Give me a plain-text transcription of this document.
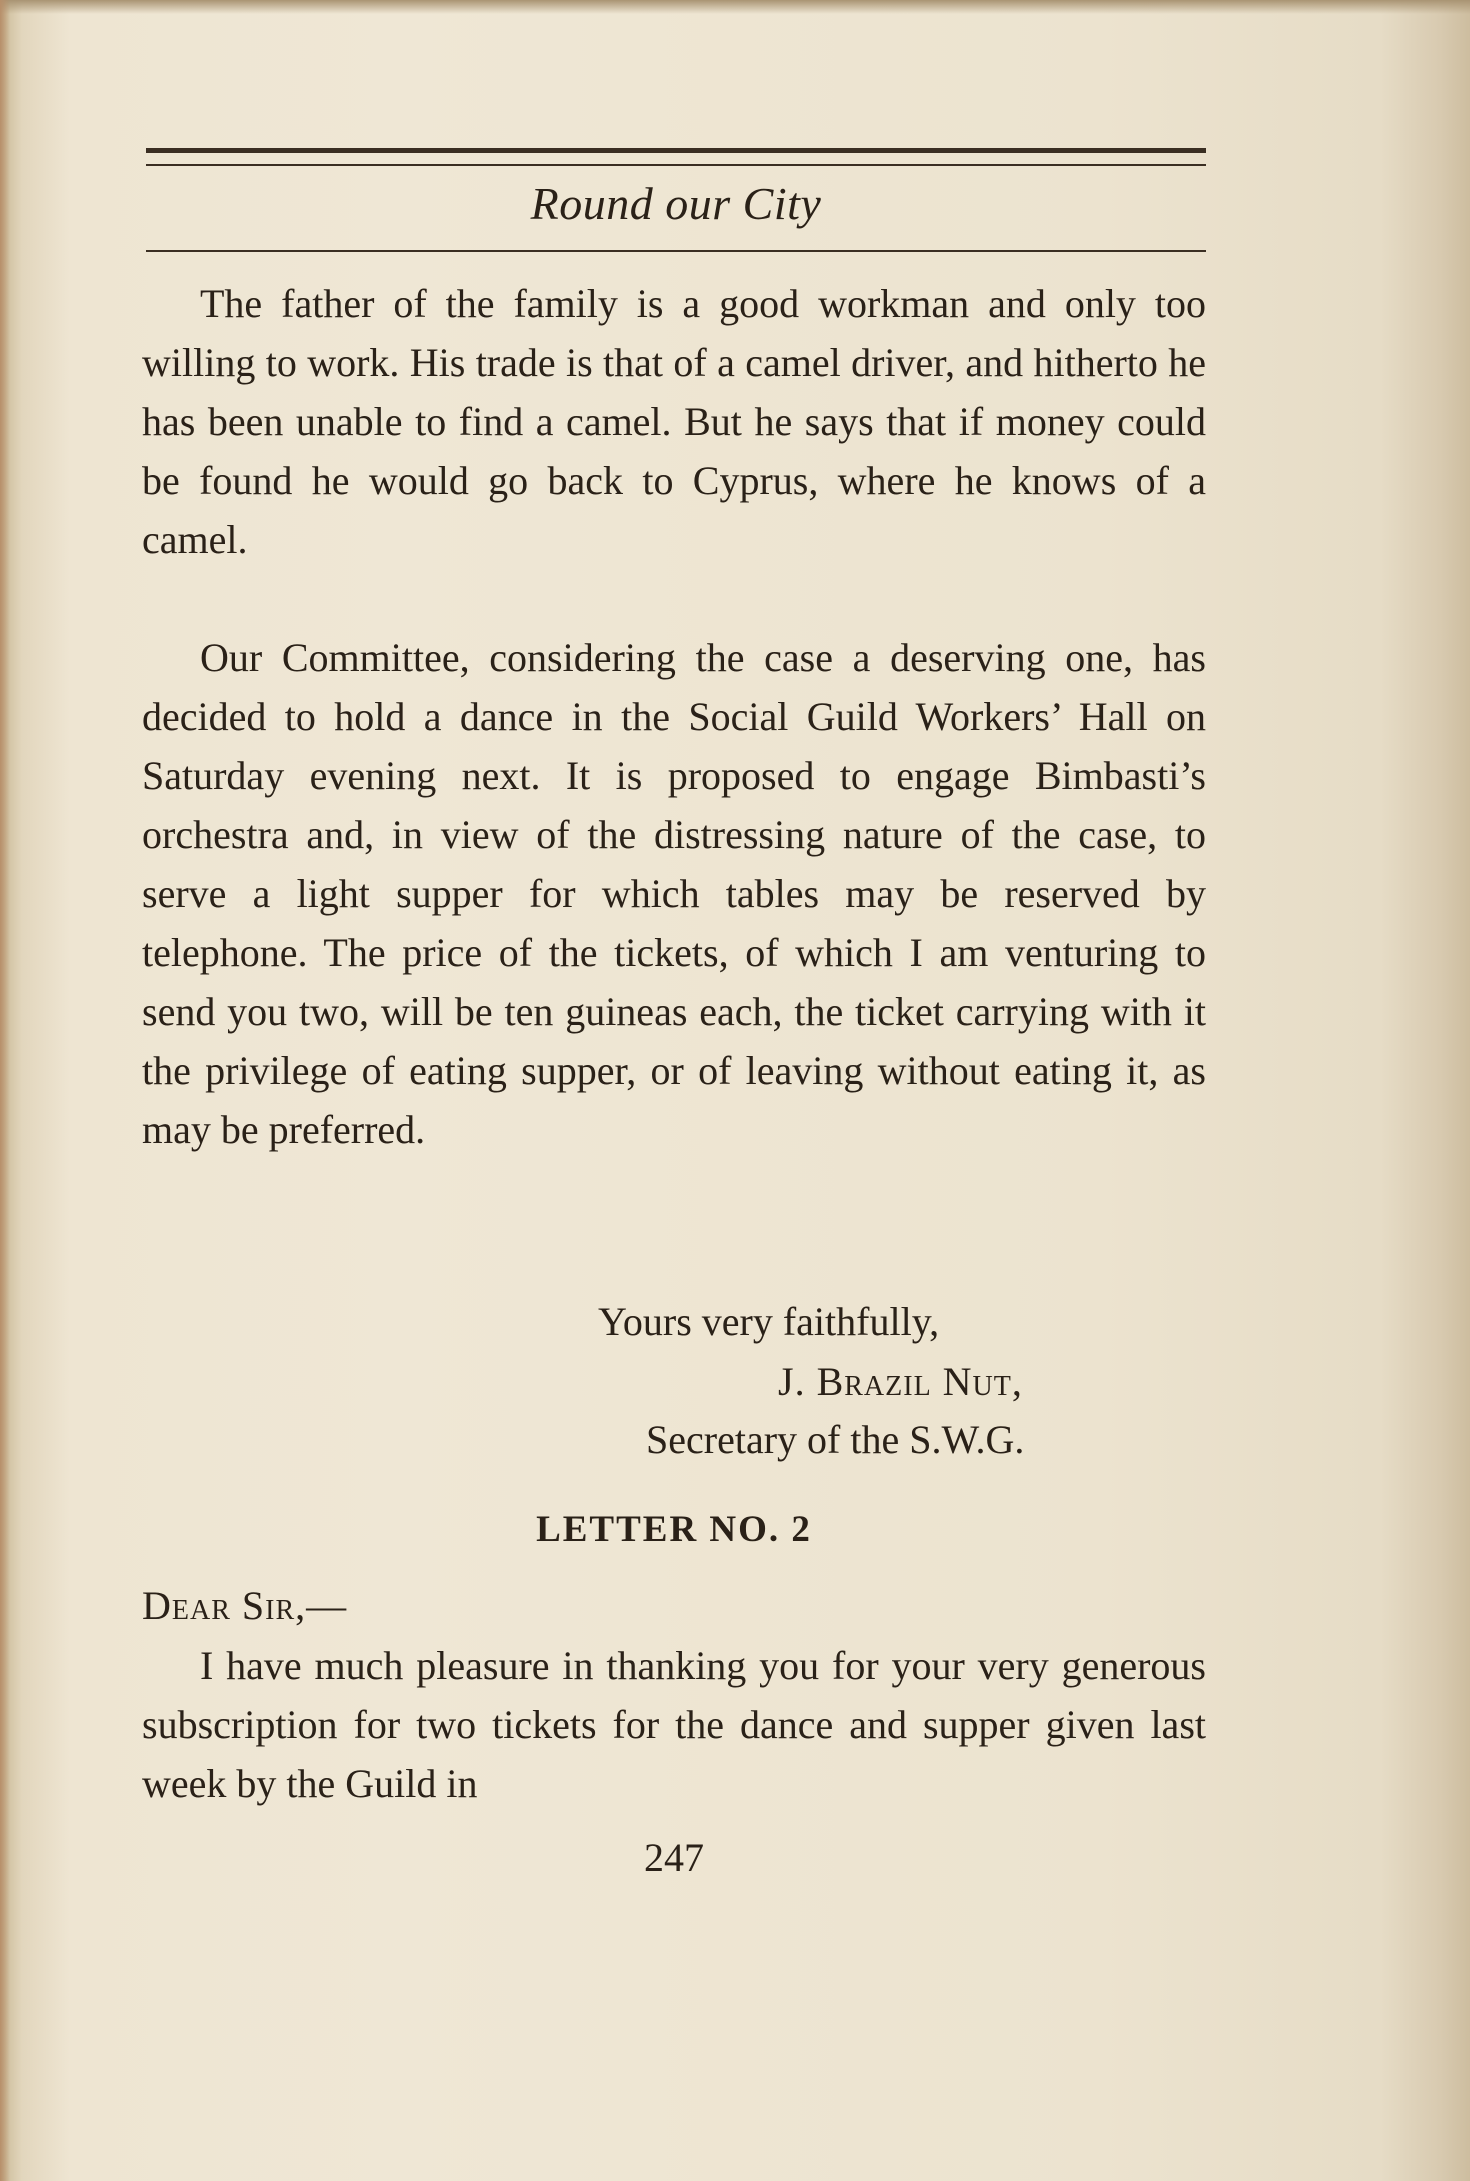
Round our City

The father of the family is a good workman and only too willing to work. His trade is that of a camel driver, and hitherto he has been unable to find a camel. But he says that if money could be found he would go back to Cyprus, where he knows of a camel.

Our Committee, considering the case a deserving one, has decided to hold a dance in the Social Guild Workers’ Hall on Saturday evening next. It is proposed to engage Bimbasti’s orchestra and, in view of the distressing nature of the case, to serve a light supper for which tables may be reserved by telephone. The price of the tickets, of which I am venturing to send you two, will be ten guineas each, the ticket carrying with it the privilege of eating supper, or of leaving without eating it, as may be preferred.

Yours very faithfully,
J. Brazil Nut,
Secretary of the S.W.G.
LETTER NO. 2
Dear Sir,—

I have much pleasure in thanking you for your very generous subscription for two tickets for the dance and supper given last week by the Guild in

247
